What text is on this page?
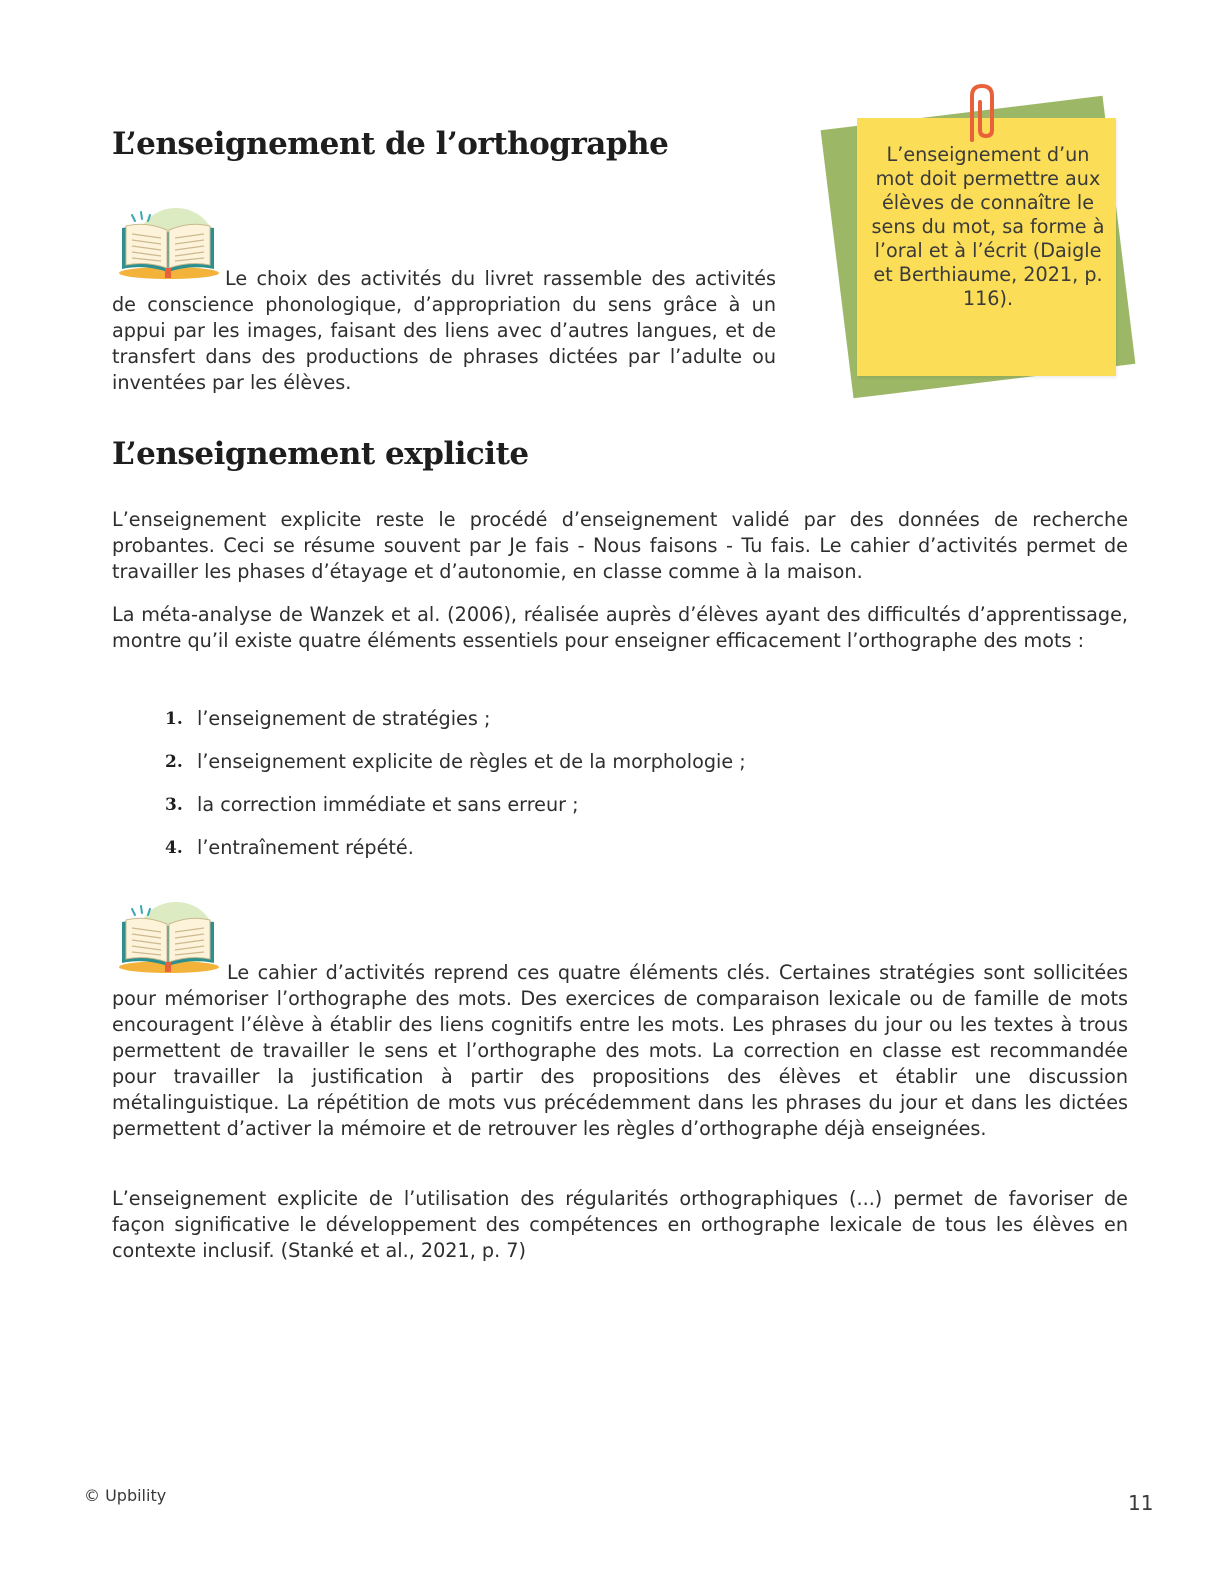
L’enseignement de l’orthographe

Le choix des activités du livret rassemble des activités de conscience phonologique, d’appropriation du sens grâce à un appui par les images, faisant des liens avec d’autres langues, et de transfert dans des productions de phrases dictées par l’adulte ou inventées par les élèves.

L’enseignement d’un mot doit permettre aux élèves de connaître le sens du mot, sa forme à l’oral et à l’écrit (Daigle et Berthiaume, 2021, p. 116).

L’enseignement explicite

L’enseignement explicite reste le procédé d’enseignement validé par des données de recherche probantes. Ceci se résume souvent par Je fais - Nous faisons - Tu fais. Le cahier d’activités permet de travailler les phases d’étayage et d’autonomie, en classe comme à la maison.

La méta-analyse de Wanzek et al. (2006), réalisée auprès d’élèves ayant des difficultés d’apprentissage, montre qu’il existe quatre éléments essentiels pour enseigner efficacement l’orthographe des mots :

1. l’enseignement de stratégies ;
2. l’enseignement explicite de règles et de la morphologie ;
3. la correction immédiate et sans erreur ;
4. l’entraînement répété.

Le cahier d’activités reprend ces quatre éléments clés. Certaines stratégies sont sollicitées pour mémoriser l’orthographe des mots. Des exercices de comparaison lexicale ou de famille de mots encouragent l’élève à établir des liens cognitifs entre les mots. Les phrases du jour ou les textes à trous permettent de travailler le sens et l’orthographe des mots. La correction en classe est recommandée pour travailler la justification à partir des propositions des élèves et établir une discussion métalinguistique. La répétition de mots vus précédemment dans les phrases du jour et dans les dictées permettent d’activer la mémoire et de retrouver les règles d’orthographe déjà enseignées.

L’enseignement explicite de l’utilisation des régularités orthographiques (...) permet de favoriser de façon significative le développement des compétences en orthographe lexicale de tous les élèves en contexte inclusif. (Stanké et al., 2021, p. 7)

© Upbility	11
